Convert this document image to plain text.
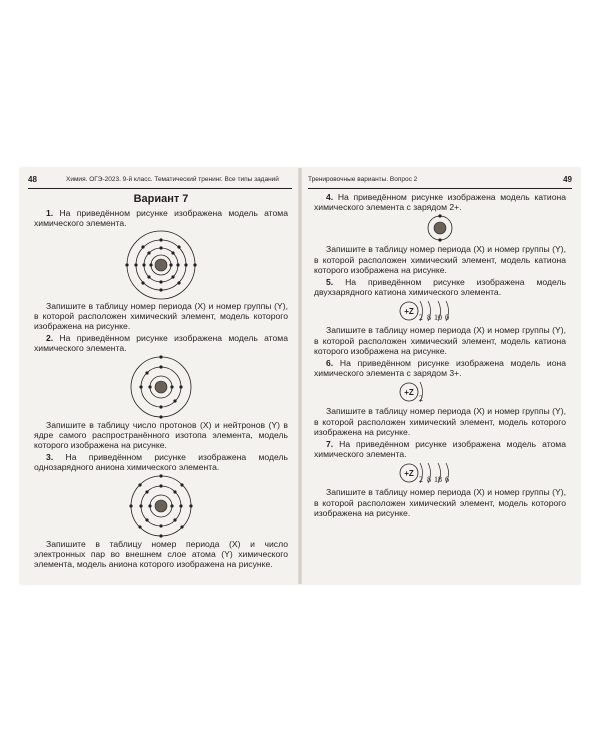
48	Химия. ОГЭ-2023. 9-й класс. Тематический тренинг. Все типы заданий
Вариант 7

1. На приведённом рисунке изображена модель атома химического элемента.

Запишите в таблицу номер периода (X) и номер группы (Y), в которой расположен химический элемент, модель которого изображена на рисунке.

2. На приведённом рисунке изображена модель атома химического элемента.

Запишите в таблицу число протонов (X) и нейтронов (Y) в ядре самого распространённого изотопа элемента, модель которого изображена на рисунке.

3. На приведённом рисунке изображена модель однозарядного аниона химического элемента.

Запишите в таблицу номер периода (X) и число электронных пар во внешнем слое атома (Y) химического элемента, модель аниона которого изображена на рисунке.

Тренировочные варианты. Вопрос 2	49

4. На приведённом рисунке изображена модель катиона химического элемента с зарядом 2+.

Запишите в таблицу номер периода (X) и номер группы (Y), в которой расположен химический элемент, модель катиона которого изображена на рисунке.

5. На приведённом рисунке изображена модель двухзарядного катиона химического элемента.

+Z
2 8 10 0

Запишите в таблицу номер периода (X) и номер группы (Y), в которой расположен химический элемент, модель катиона которого изображена на рисунке.

6. На приведённом рисунке изображена модель иона химического элемента с зарядом 3+.

+Z
2

Запишите в таблицу номер периода (X) и номер группы (Y), в которой расположен химический элемент, модель которого изображена на рисунке.

7. На приведённом рисунке изображена модель атома химического элемента.

+Z
2 8 18 6

Запишите в таблицу номер периода (X) и номер группы (Y), в которой расположен химический элемент, модель которого изображена на рисунке.
